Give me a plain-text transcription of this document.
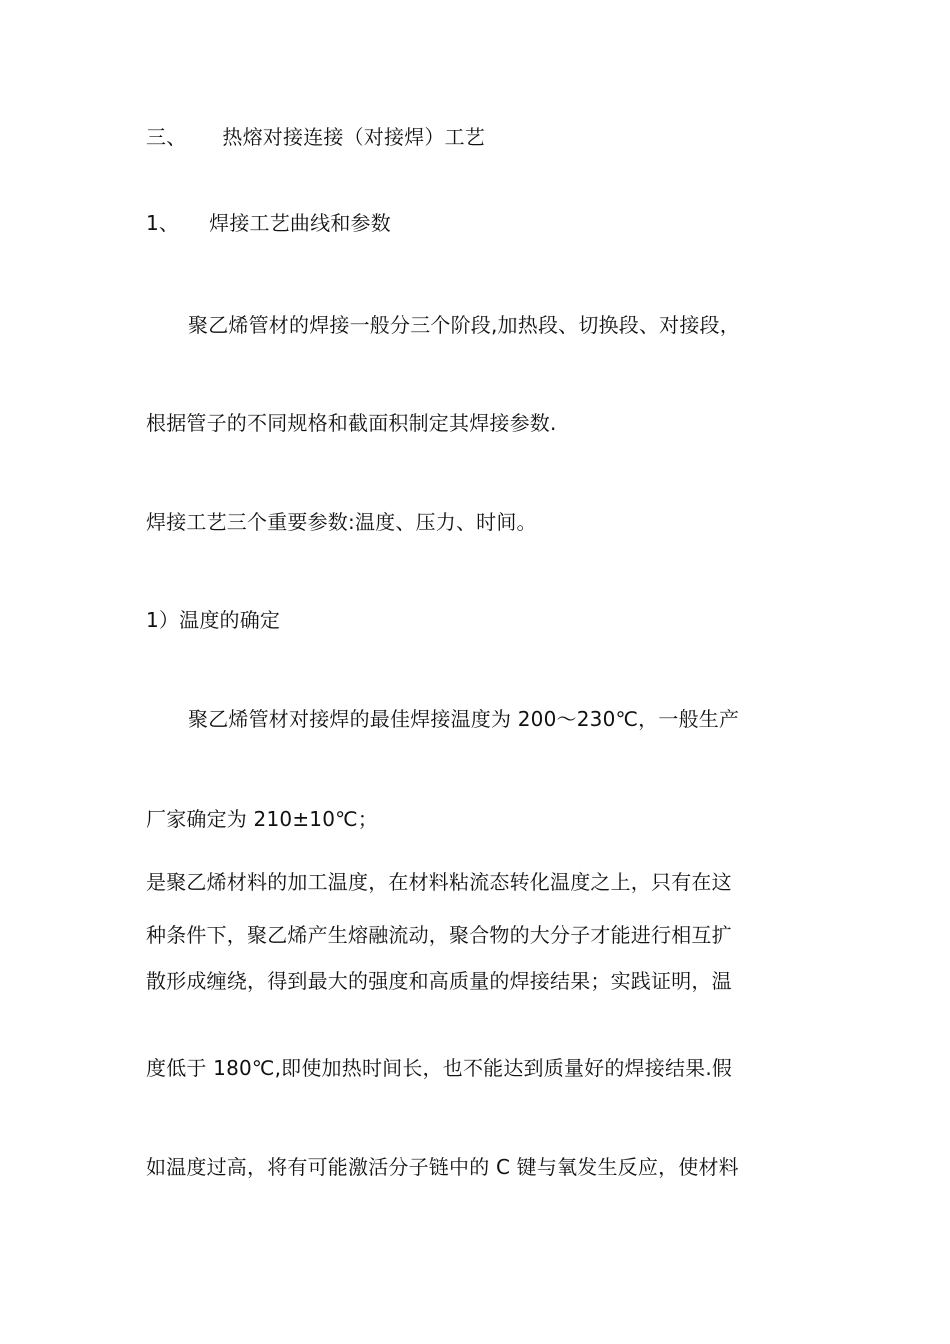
三、 热熔对接连接（对接焊）工艺
1、 焊接工艺曲线和参数
聚乙烯管材的焊接一般分三个阶段,加热段、切换段、对接段，
根据管子的不同规格和截面积制定其焊接参数.
焊接工艺三个重要参数:温度、压力、时间。
1）温度的确定
聚乙烯管材对接焊的最佳焊接温度为 200～230℃，一般生产
厂家确定为 210±10℃；
是聚乙烯材料的加工温度，在材料粘流态转化温度之上，只有在这
种条件下，聚乙烯产生熔融流动，聚合物的大分子才能进行相互扩
散形成缠绕，得到最大的强度和高质量的焊接结果；实践证明，温
度低于 180℃,即使加热时间长，也不能达到质量好的焊接结果.假
如温度过高，将有可能激活分子链中的 C 键与氧发生反应，使材料
